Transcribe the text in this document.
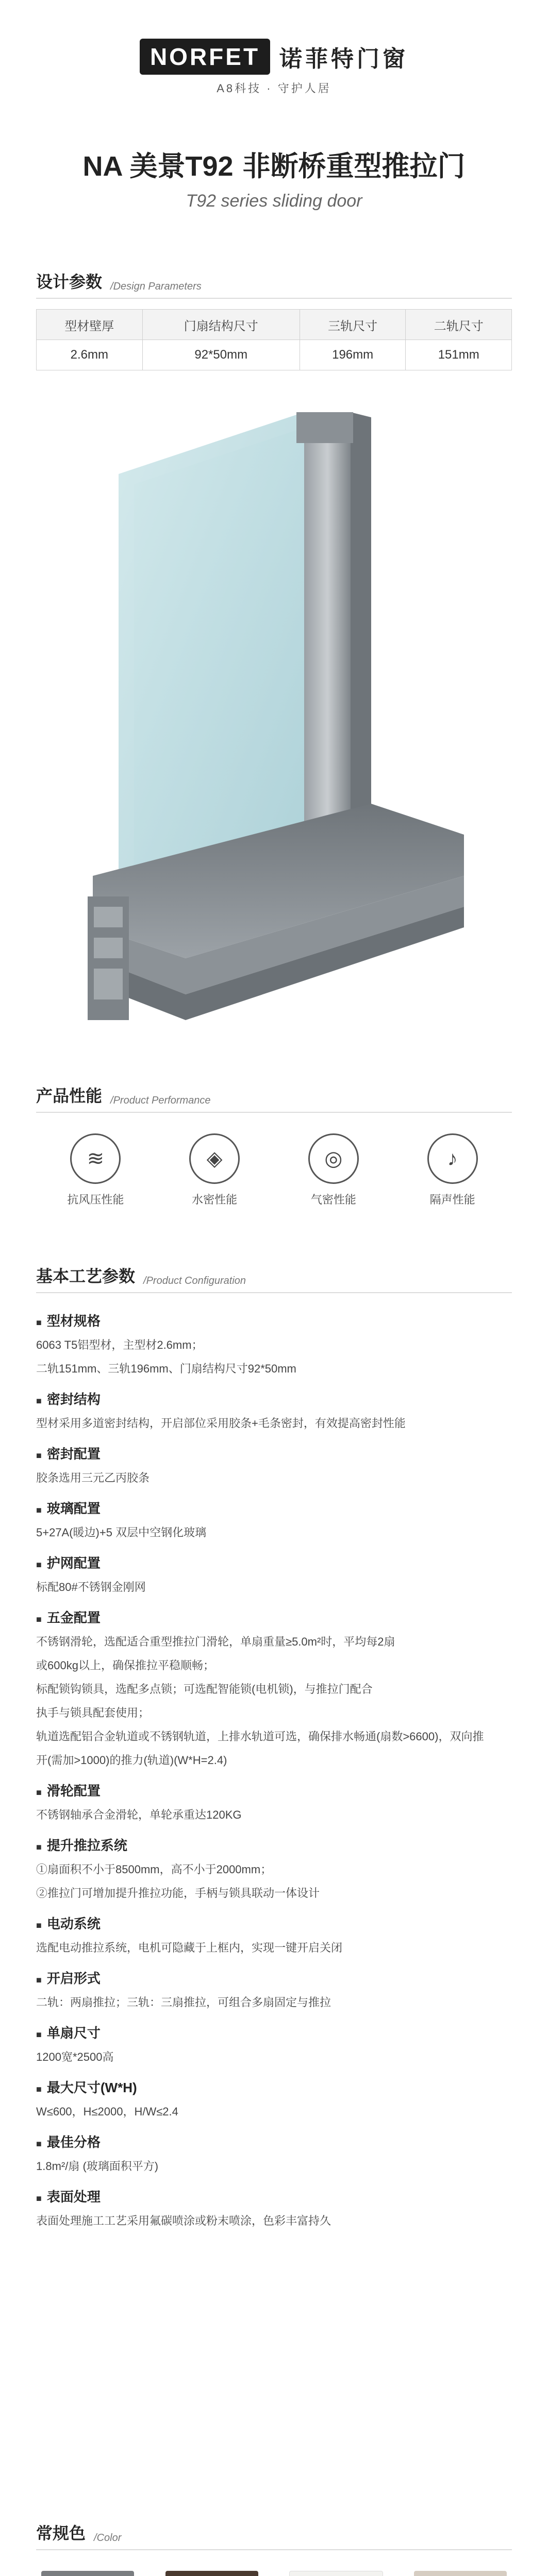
NORFET 诺菲特门窗
A8科技 · 守护人居
NA 美景T92 非断桥重型推拉门
T92 series sliding door
设计参数 /Design Parameters
型材壁厚	门扇结构尺寸	三轨尺寸	二轨尺寸
2.6mm	92*50mm	196mm	151mm
产品性能 /Product Performance
≋
抗风压性能
◈
水密性能
◎
气密性能
♪
隔声性能
基本工艺参数 /Product Configuration
■ 型材规格
6063 T5铝型材，主型材2.6mm；
二轨151mm、三轨196mm、门扇结构尺寸92*50mm
■ 密封结构
型材采用多道密封结构，开启部位采用胶条+毛条密封，有效提高密封性能
■ 密封配置
胶条选用三元乙丙胶条
■ 玻璃配置
5+27A(暖边)+5 双层中空钢化玻璃
■ 护网配置
标配80#不锈钢金刚网
■ 五金配置
不锈钢滑轮，选配适合重型推拉门滑轮，单扇重量≥5.0m²时，平均每2扇
或600kg以上，确保推拉平稳顺畅；
标配锁钩锁具，选配多点锁；可选配智能锁(电机锁)，与推拉门配合
执手与锁具配套使用；
轨道选配铝合金轨道或不锈钢轨道，上排水轨道可选，确保排水畅通(扇数>6600)，双向推
开(需加>1000)的推力(轨道)(W*H=2.4)
■ 滑轮配置
不锈钢轴承合金滑轮，单轮承重达120KG
■ 提升推拉系统
①扇面积不小于8500mm，高不小于2000mm；
②推拉门可增加提升推拉功能，手柄与锁具联动一体设计
■ 电动系统
选配电动推拉系统，电机可隐藏于上框内，实现一键开启关闭
■ 开启形式
二轨：两扇推拉；三轨：三扇推拉，可组合多扇固定与推拉
■ 单扇尺寸
1200宽*2500高
■ 最大尺寸(W*H)
W≤600，H≤2000，H/W≤2.4
■ 最佳分格
1.8m²/扇 (玻璃面积平方)
■ 表面处理
表面处理施工工艺采用氟碳喷涂或粉末喷涂，色彩丰富持久
常规色 /Color
